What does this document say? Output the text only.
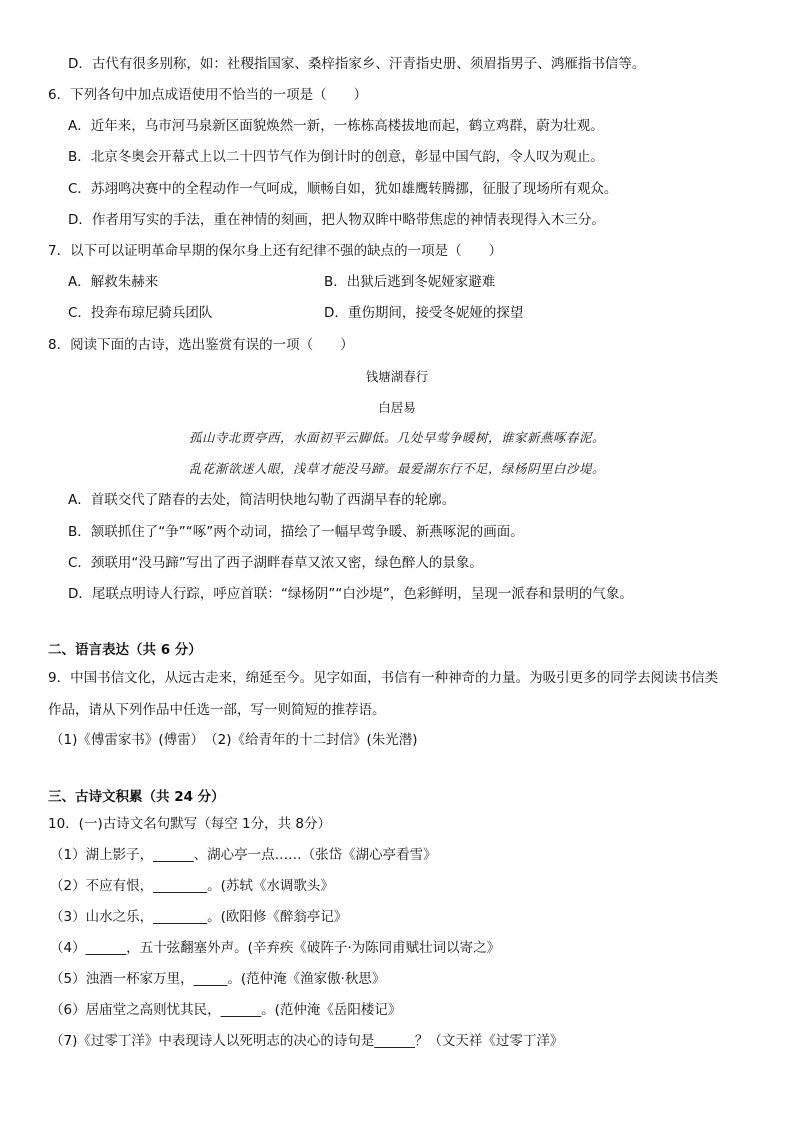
D．古代有很多别称，如：社稷指国家、桑梓指家乡、汗青指史册、须眉指男子、鸿雁指书信等。
6．下列各句中加点成语使用不恰当的一项是（　　）
A．近年来，乌市河马泉新区面貌焕然一新，一栋栋高楼拔地而起，鹤立鸡群，蔚为壮观。
B．北京冬奥会开幕式上以二十四节气作为倒计时的创意，彰显中国气韵，令人叹为观止。
C．苏翊鸣决赛中的全程动作一气呵成，顺畅自如，犹如雄鹰转腾挪，征服了现场所有观众。
D．作者用写实的手法，重在神情的刻画，把人物双眸中略带焦虑的神情表现得入木三分。
7．以下可以证明革命早期的保尔身上还有纪律不强的缺点的一项是（　　）
A．解救朱赫来	B．出狱后逃到冬妮娅家避难
C．投奔布琼尼骑兵团队	D．重伤期间，接受冬妮娅的探望
8．阅读下面的古诗，选出鉴赏有误的一项（　　）
钱塘湖春行
白居易
孤山寺北贾亭西，水面初平云脚低。几处早莺争暖树，谁家新燕啄春泥。
乱花渐欲迷人眼，浅草才能没马蹄。最爱湖东行不足，绿杨阴里白沙堤。
A．首联交代了踏春的去处，简洁明快地勾勒了西湖早春的轮廓。
B．颔联抓住了“争”“啄”两个动词，描绘了一幅早莺争暖、新燕啄泥的画面。
C．颈联用“没马蹄”写出了西子湖畔春草又浓又密，绿色醉人的景象。
D．尾联点明诗人行踪，呼应首联：“绿杨阴”“白沙堤”，色彩鲜明，呈现一派春和景明的气象。
二、语言表达（共 6 分）
9．中国书信文化，从远古走来，绵延至今。见字如面，书信有一种神奇的力量。为吸引更多的同学去阅读书信类
作品，请从下列作品中任选一部，写一则简短的推荐语。
（1)《傅雷家书》(傅雷）　（2)《给青年的十二封信》(朱光潜)
三、古诗文积累（共 24 分）
10．(一)古诗文名句默写（每空 1分，共 8分）
（1）湖上影子，______、湖心亭一点……（张岱《湖心亭看雪》
（2）不应有恨，________。(苏轼《水调歌头》
（3）山水之乐，________。(欧阳修《醉翁亭记》
（4）______，五十弦翻塞外声。(辛弃疾《破阵子·为陈同甫赋壮词以寄之》
（5）浊酒一杯家万里，_____。(范仲淹《渔家傲·秋思》
（6）居庙堂之高则忧其民，______。(范仲淹《岳阳楼记》
（7)《过零丁洋》中表现诗人以死明志的决心的诗句是______？（文天祥《过零丁洋》
